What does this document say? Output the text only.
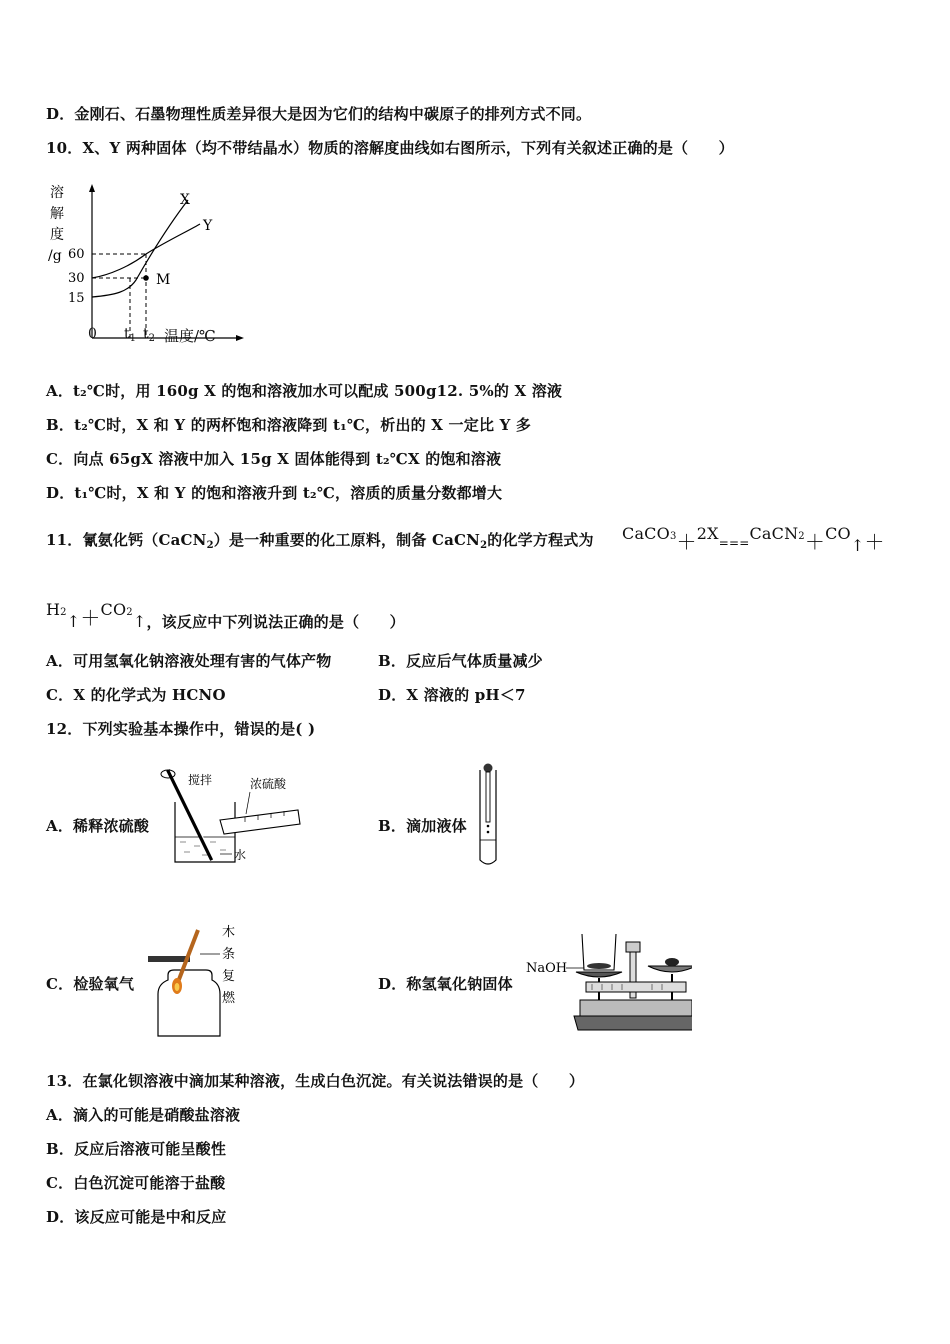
D．金刚石、石墨物理性质差异很大是因为它们的结构中碳原子的排列方式不同。
10．X、Y 两种固体（均不带结晶水）物质的溶解度曲线如右图所示，下列有关叙述正确的是（　　）
溶
解
度
/g 60
30
15
X
Y
M
0 $t_1$ $t_2$ 温度/℃
A．t₂℃时，用 160g X 的饱和溶液加水可以配成 500g12. 5%的 X 溶液
B．t₂℃时，X 和 Y 的两杯饱和溶液降到 t₁℃，析出的 X 一定比 Y 多
C．向点 65gX 溶液中加入 15g X 固体能得到 t₂℃X 的饱和溶液
D．t₁℃时，X 和 Y 的饱和溶液升到 t₂℃，溶质的质量分数都增大
11．氰氨化钙（CaCN$_2$）是一种重要的化工原料，制备 CaCN$_2$的化学方程式为 $CaCO3+2X_{===}CaCN2+CO↑+$
H2↑＋CO2↑，该反应中下列说法正确的是（　　）
A．可用氢氧化钠溶液处理有害的气体产物	B．反应后气体质量减少
C．X 的化学式为 HCNO	D．X 溶液的 pH＜7
12．下列实验基本操作中，错误的是( )
A．稀释浓硫酸
搅拌	浓硫酸
水
B．滴加液体
C．检验氧气
木
条
复
燃
D．称氢氧化钠固体
NaOH
13．在氯化钡溶液中滴加某种溶液，生成白色沉淀。有关说法错误的是（　　）
A．滴入的可能是硝酸盐溶液
B．反应后溶液可能呈酸性
C．白色沉淀可能溶于盐酸
D．该反应可能是中和反应
